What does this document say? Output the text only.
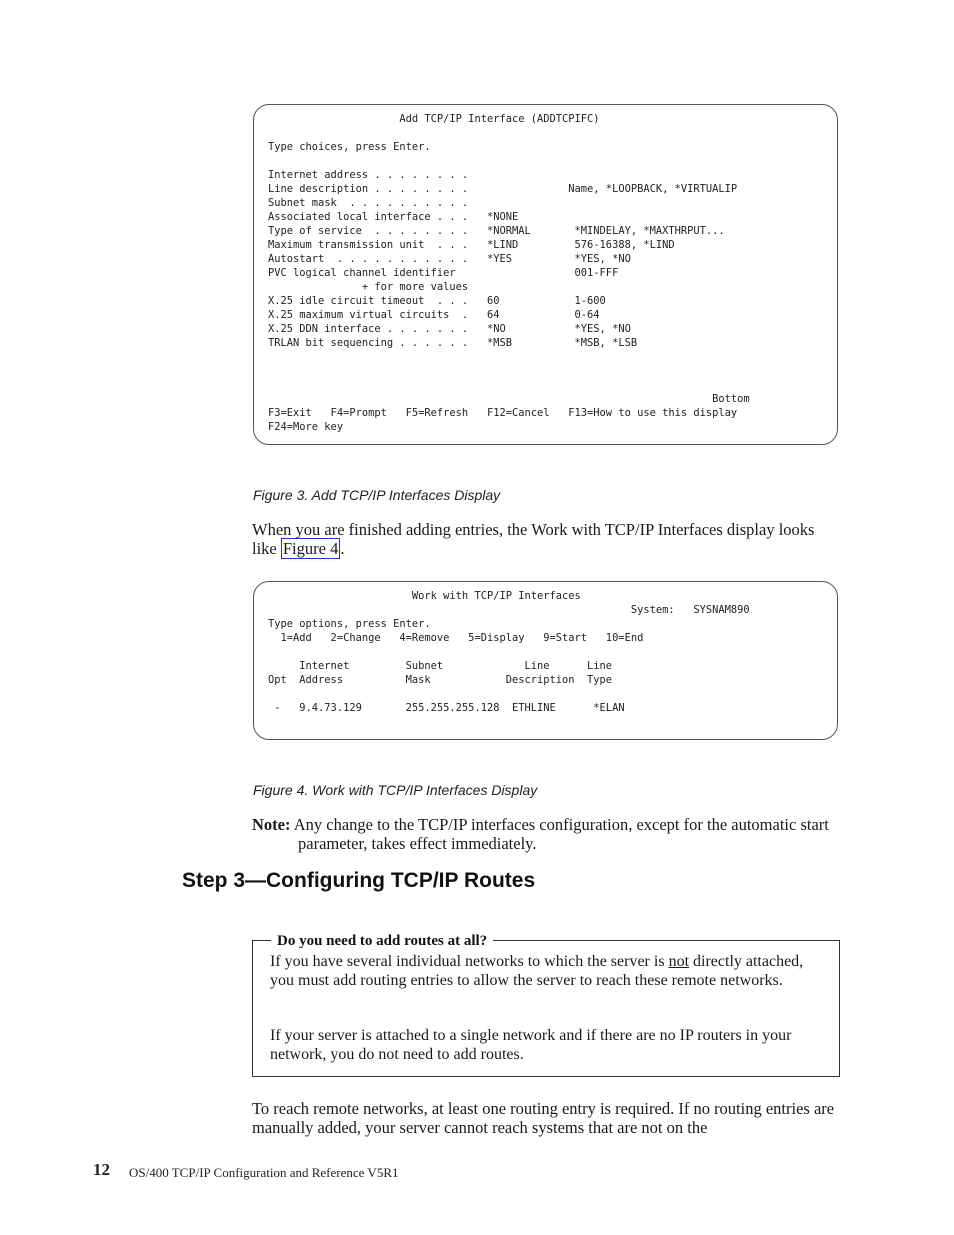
Add TCP/IP Interface (ADDTCPIFC)
Type choices, press Enter.
Internet address . . . . . . . .
Line description . . . . . . . .                Name, *LOOPBACK, *VIRTUALIP
Subnet mask  . . . . . . . . . .
Associated local interface . . .   *NONE
Type of service  . . . . . . . .   *NORMAL       *MINDELAY, *MAXTHRPUT...
Maximum transmission unit  . . .   *LIND         576-16388, *LIND
Autostart  . . . . . . . . . . .   *YES          *YES, *NO
PVC logical channel identifier                   001-FFF
+ for more values
X.25 idle circuit timeout  . . .   60            1-600
X.25 maximum virtual circuits  .   64            0-64
X.25 DDN interface . . . . . . .   *NO           *YES, *NO
TRLAN bit sequencing . . . . . .   *MSB          *MSB, *LSB
Bottom
F3=Exit   F4=Prompt   F5=Refresh   F12=Cancel   F13=How to use this display
F24=More key
Figure 3. Add TCP/IP Interfaces Display
When you are finished adding entries, the Work with TCP/IP Interfaces display looks like Figure 4 .
Work with TCP/IP Interfaces
System:   SYSNAM890
Type options, press Enter.
1=Add   2=Change   4=Remove   5=Display   9=Start   10=End
Internet         Subnet             Line      Line
Opt  Address          Mask            Description  Type
-   9.4.73.129       255.255.255.128  ETHLINE      *ELAN
Figure 4. Work with TCP/IP Interfaces Display
Note: Any change to the TCP/IP interfaces configuration, except for the automatic start parameter, takes effect immediately.
Step 3—Configuring TCP/IP Routes
Do you need to add routes at all?
If you have several individual networks to which the server is not directly attached, you must add routing entries to allow the server to reach these remote networks.
If your server is attached to a single network and if there are no IP routers in your network, you do not need to add routes.
To reach remote networks, at least one routing entry is required. If no routing entries are manually added, your server cannot reach systems that are not on the
12 OS/400 TCP/IP Configuration and Reference V5R1
